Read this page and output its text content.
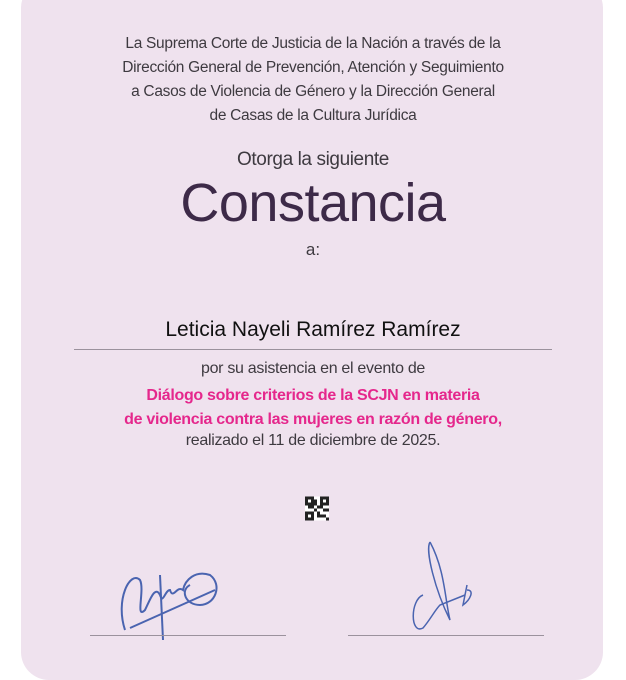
La Suprema Corte de Justicia de la Nación a través de la
Dirección General de Prevención, Atención y Seguimiento
a Casos de Violencia de Género y la Dirección General
de Casas de la Cultura Jurídica
Otorga la siguiente
Constancia
a:
Leticia Nayeli Ramírez Ramírez
por su asistencia en el evento de
Diálogo sobre criterios de la SCJN en materia
de violencia contra las mujeres en razón de género,
realizado el 11 de diciembre de 2025.
